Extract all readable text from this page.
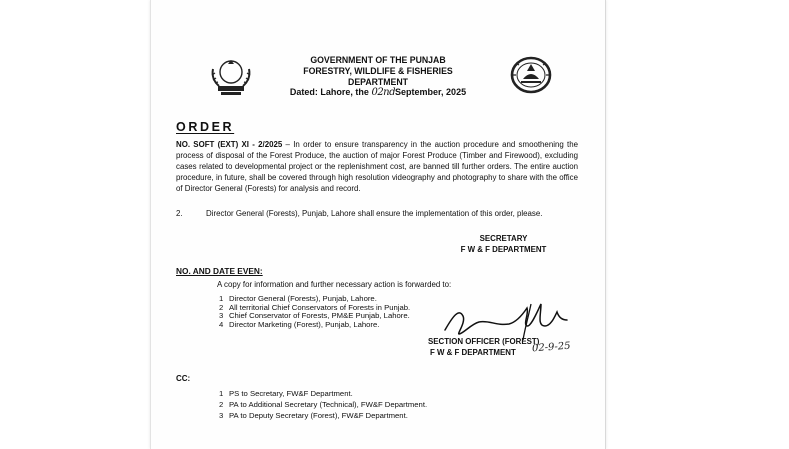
GOVERNMENT OF THE PUNJAB
FORESTRY, WILDLIFE & FISHERIES
DEPARTMENT
Dated: Lahore, the 02ndSeptember, 2025
ORDER
NO. SOFT (EXT) XI - 2/2025 – In order to ensure transparency in the auction procedure and smoothening the process of disposal of the Forest Produce, the auction of major Forest Produce (Timber and Firewood), excluding cases related to developmental project or the replenishment cost, are banned till further orders. The entire auction procedure, in future, shall be covered through high resolution videography and photography to share with the office of Director General (Forests) for analysis and record.
2.	Director General (Forests), Punjab, Lahore shall ensure the implementation of this order, please.
SECRETARY
F W & F DEPARTMENT
NO. AND DATE EVEN:
A copy for information and further necessary action is forwarded to:
1 Director General (Forests), Punjab, Lahore.
2 All territorial Chief Conservators of Forests in Punjab.
3 Chief Conservator of Forests, PM&E Punjab, Lahore.
4 Director Marketing (Forest), Punjab, Lahore.
SECTION OFFICER (FOREST)
F W & F DEPARTMENT	02-9-25
CC:
1 PS to Secretary, FW&F Department.
2 PA to Additional Secretary (Technical), FW&F Department.
3 PA to Deputy Secretary (Forest), FW&F Department.
